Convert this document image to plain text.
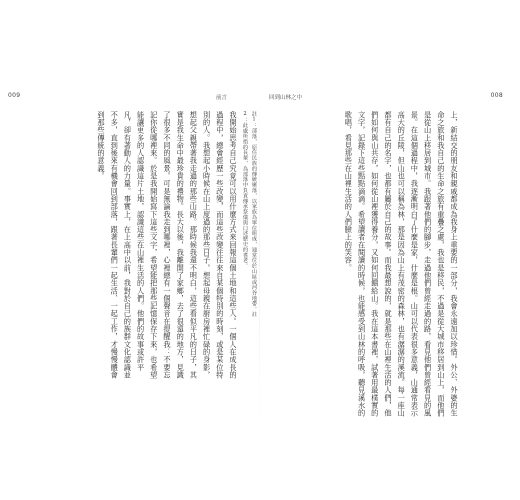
009	前言
註1：部落，原住民族的傳統聚落，以家族為單位組成，通常位於山區或河谷地帶。註2：此處所指的長輩，為部落中負責傳承祭儀與口述歷史的耆老。
我開始思考自己究竟可以用什麼方式來回報這個土地和這些人。一個人在成長的過程中，總會經歷一些改變，而這些改變往往來自某個特別的時刻，或是某位特別的人。我想起小時候在山上度過的那些日子，想起母親在廚房裡忙碌的身影，想起父親帶著我走過的那些山路。那時候我還不明白，這些看似平凡的日子，其實是我生命中最珍貴的禮物。長大以後，我離開了家鄉，去了很遠的地方，見識了很多不同的風景。可是無論我走到哪裡，心裡總有一個聲音在提醒我：不要忘記你從哪裡來。於是我開始寫下這些文字，希望能把那些記憶保存下來，也希望能讓更多的人認識這片土地，認識這些在山裡生活的人們。他們的故事或許平凡，卻有著動人的力量。事實上，在上高中以前，我對於自己的族群文化認識並不多，直到後來有機會回到部落，跟著長輩們一起生活、一起工作，才慢慢體會到那些傳統的意義。
回到山林之中	008
上，新結交的朋友和親戚都成為我身上重要的一部分，我會永遠加以珍惜。外公、外婆的生命之旅和我自己的生命之旅有重疊之處，我也是移民，不過是從大城市移居到山上，而他們是從山上移居到城市。我跟著他們的腳步，走過他們曾經走過的路，看見他們曾經看見的風景。在這個過程中，我逐漸明白了什麼是家，什麼是根。山可以代表很多意義，山通常表示高大的丘陵，但山也可以稱為林，那是因為山上有茂密的森林，也有潺潺的溪流。每一座山都有自己的名字，也都有屬於自己的故事。而我最想說的，就是那些在山裡生活的人們，他們如何與山共存，如何從山裡獲得養分，又如何回饋給山。我在這本書裡，試著用最樸實的文字，記錄下這些點點滴滴。希望讀者在閱讀的時候，也能感受到山林的呼吸，聽見溪水的歌唱，看見那些在山裡生活的人們臉上的笑容。
